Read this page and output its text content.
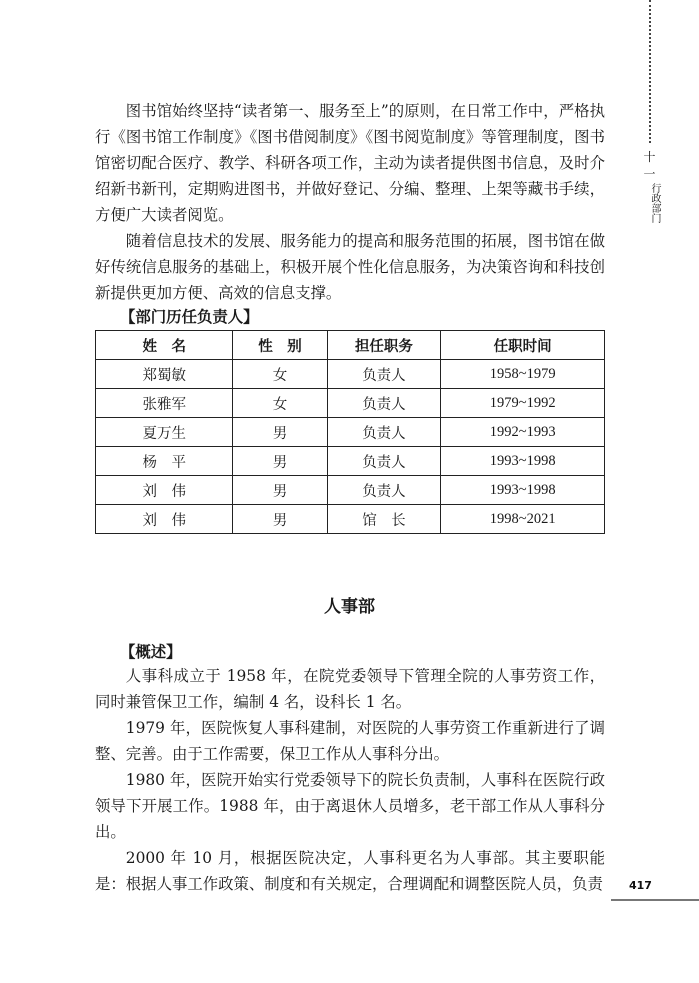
图书馆始终坚持“读者第一、服务至上”的原则，在日常工作中，严格执行《图书馆工作制度》《图书借阅制度》《图书阅览制度》等管理制度，图书馆密切配合医疗、教学、科研各项工作，主动为读者提供图书信息，及时介绍新书新刊，定期购进图书，并做好登记、分编、整理、上架等藏书手续，方便广大读者阅览。

随着信息技术的发展、服务能力的提高和服务范围的拓展，图书馆在做好传统信息服务的基础上，积极开展个性化信息服务，为决策咨询和科技创新提供更加方便、高效的信息支撑。

【部门历任负责人】

姓　名	性　别	担任职务	任职时间
郑蜀敏	女	负责人	1958~1979
张雅军	女	负责人	1979~1992
夏万生	男	负责人	1992~1993
杨　平	男	负责人	1993~1998
刘　伟	男	负责人	1993~1998
刘　伟	男	馆　长	1998~2021
人事部

【概述】

人事科成立于 1958 年，在院党委领导下管理全院的人事劳资工作，同时兼管保卫工作，编制 4 名，设科长 1 名。

1979 年，医院恢复人事科建制，对医院的人事劳资工作重新进行了调整、完善。由于工作需要，保卫工作从人事科分出。

1980 年，医院开始实行党委领导下的院长负责制，人事科在医院行政领导下开展工作。1988 年，由于离退休人员增多，老干部工作从人事科分出。

2000 年 10 月，根据医院决定，人事科更名为人事部。其主要职能是：根据人事工作政策、制度和有关规定，合理调配和调整医院人员，负责

十一
行政部门
417
